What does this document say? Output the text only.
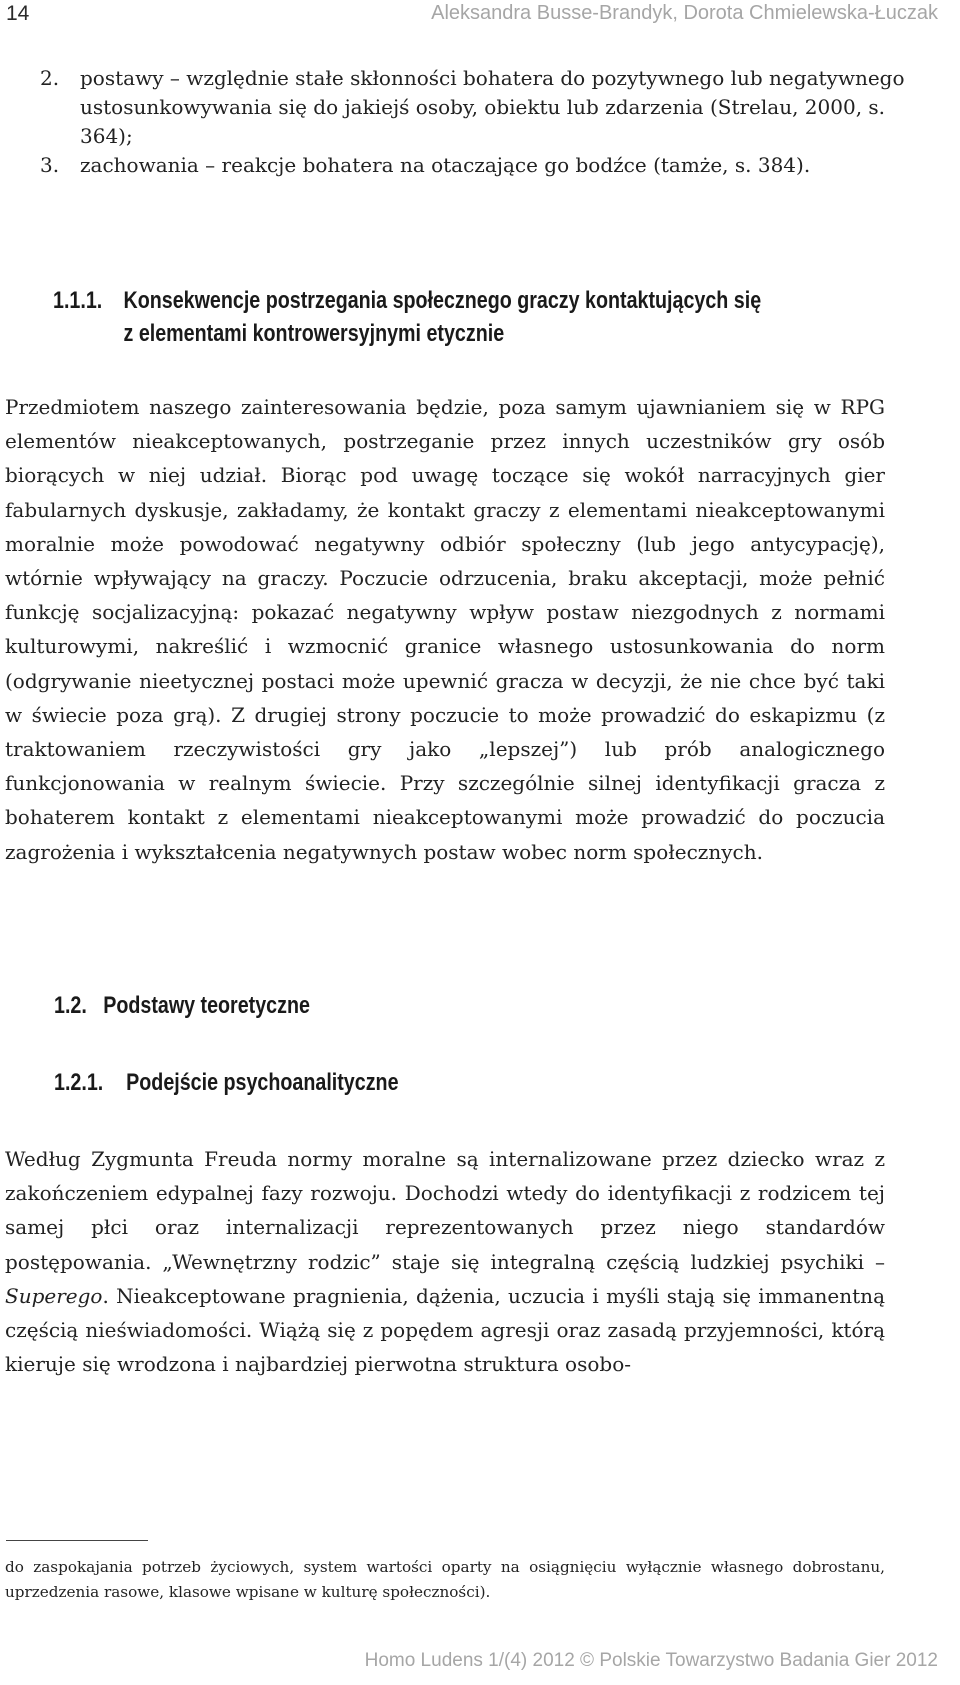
14	Aleksandra Busse-Brandyk, Dorota Chmielewska-Łuczak
2.	postawy – względnie stałe skłonności bohatera do pozytywnego lub negatywnego ustosunkowywania się do jakiejś osoby, obiektu lub zdarzenia (Strelau, 2000, s. 364);
3.	zachowania – reakcje bohatera na otaczające go bodźce (tamże, s. 384).
1.1.1. Konsekwencje postrzegania społecznego graczy kontaktujących się
z elementami kontrowersyjnymi etycznie
Przedmiotem naszego zainteresowania będzie, poza samym ujawnianiem się w RPG elementów nieakceptowanych, postrzeganie przez innych uczestników gry osób biorących w niej udział. Biorąc pod uwagę toczące się wokół narracyjnych gier fabularnych dyskusje, zakładamy, że kontakt graczy z elementami nieakceptowanymi moralnie może powodować negatywny odbiór społeczny (lub jego antycypację), wtórnie wpływający na graczy. Poczucie odrzucenia, braku akceptacji, może pełnić funkcję socjalizacyjną: pokazać negatywny wpływ postaw niezgodnych z normami kulturowymi, nakreślić i wzmocnić granice własnego ustosunkowania do norm (odgrywanie nieetycznej postaci może upewnić gracza w decyzji, że nie chce być taki w świecie poza grą). Z drugiej strony poczucie to może prowadzić do eskapizmu (z traktowaniem rzeczywistości gry jako „lepszej”) lub prób analogicznego funkcjonowania w realnym świecie. Przy szczególnie silnej identyfikacji gracza z bohaterem kontakt z elementami nieakceptowanymi może prowadzić do poczucia zagrożenia i wykształcenia negatywnych postaw wobec norm społecznych.
1.2. Podstawy teoretyczne
1.2.1. Podejście psychoanalityczne
Według Zygmunta Freuda normy moralne są internalizowane przez dziecko wraz z zakończeniem edypalnej fazy rozwoju. Dochodzi wtedy do identyfikacji z rodzicem tej samej płci oraz internalizacji reprezentowanych przez niego standardów postępowania. „Wewnętrzny rodzic” staje się integralną częścią ludzkiej psychiki – Superego. Nieakceptowane pragnienia, dążenia, uczucia i myśli stają się immanentną częścią nieświadomości. Wiążą się z popędem agresji oraz zasadą przyjemności, którą kieruje się wrodzona i najbardziej pierwotna struktura osobo-
do zaspokajania potrzeb życiowych, system wartości oparty na osiągnięciu wyłącznie własnego dobrostanu, uprzedzenia rasowe, klasowe wpisane w kulturę społeczności).
Homo Ludens 1/(4) 2012 © Polskie Towarzystwo Badania Gier 2012
